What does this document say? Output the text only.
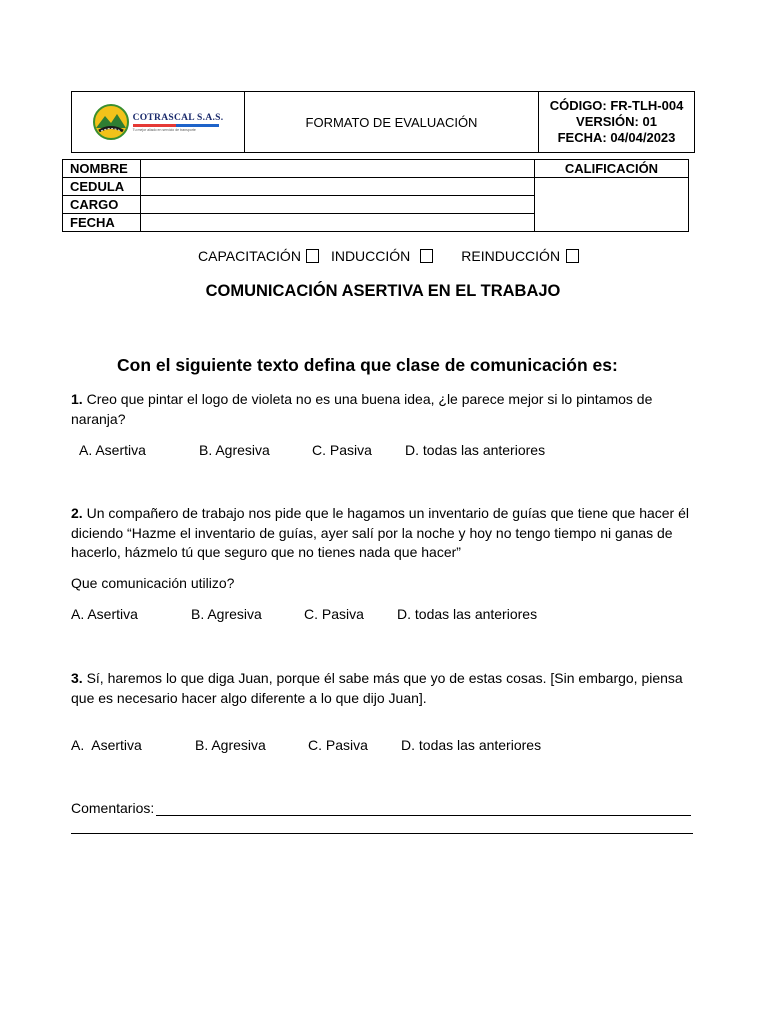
COTRASCAL S.A.S.
Tu mejor aliado en servicio de transporte	FORMATO DE EVALUACIÓN
CÓDIGO: FR-TLH-004
VERSIÓN: 01
FECHA: 04/04/2023
NOMBRE		CALIFICACIÓN
CEDULA		
CARGO		
FECHA		
CAPACITACIÓN INDUCCIÓN	REINDUCCIÓN
COMUNICACIÓN ASERTIVA EN EL TRABAJO
Con el siguiente texto defina que clase de comunicación es:
1. Creo que pintar el logo de violeta no es una buena idea, ¿le parece mejor si lo pintamos de naranja?
A. Asertiva	B. Agresiva	C. Pasiva D. todas las anteriores
2. Un compañero de trabajo nos pide que le hagamos un inventario de guías que tiene que hacer él diciendo “Hazme el inventario de guías, ayer salí por la noche y hoy no tengo tiempo ni ganas de hacerlo, házmelo tú que seguro que no tienes nada que hacer”
Que comunicación utilizo?
A. Asertiva	B. Agresiva	C. Pasiva D. todas las anteriores
3. Sí, haremos lo que diga Juan, porque él sabe más que yo de estas cosas. [Sin embargo, piensa que es necesario hacer algo diferente a lo que dijo Juan].
A.  Asertiva	B. Agresiva	C. Pasiva D. todas las anteriores
Comentarios:
